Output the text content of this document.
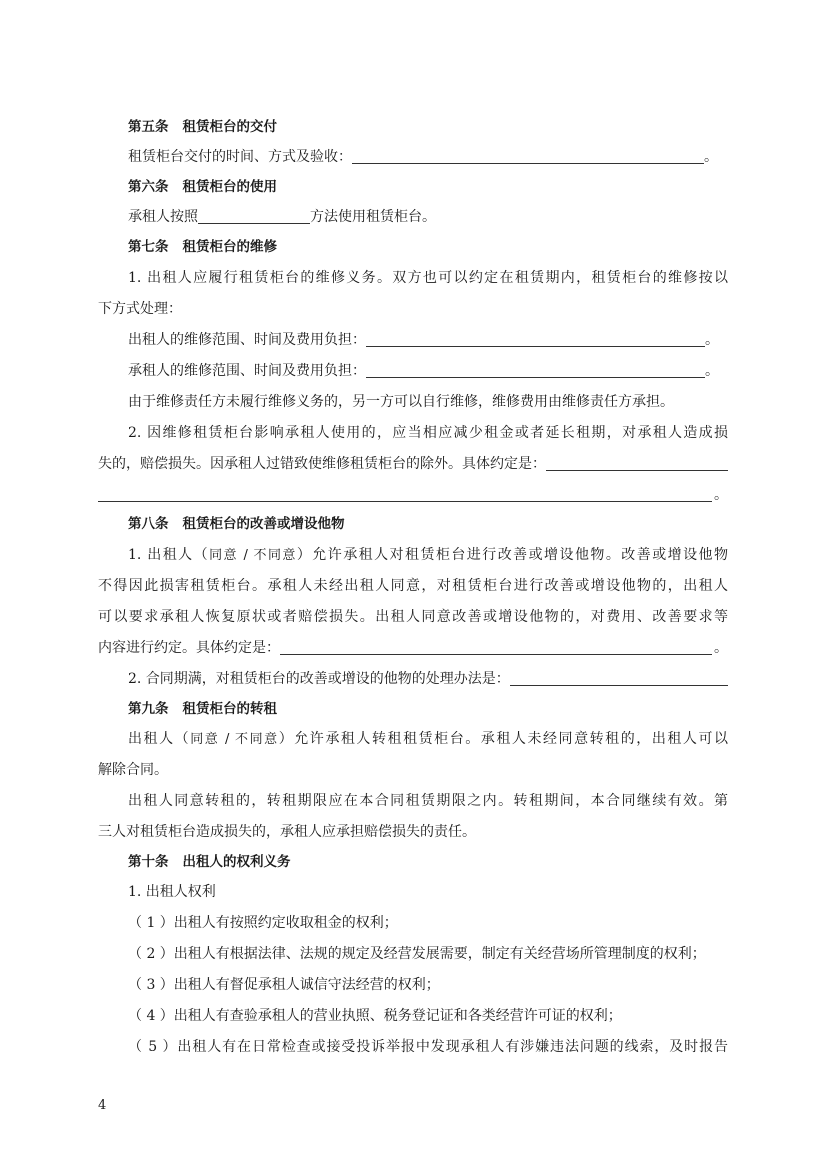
第五条 租赁柜台的交付
租赁柜台交付的时间、方式及验收：	。
第六条 租赁柜台的使用
承租人按照	方法使用租赁柜台。
第七条 租赁柜台的维修
1. 出租人应履行租赁柜台的维修义务。双方也可以约定在租赁期内，租赁柜台的维修按以
下方式处理：
出租人的维修范围、时间及费用负担：	。
承租人的维修范围、时间及费用负担：	。
由于维修责任方未履行维修义务的，另一方可以自行维修，维修费用由维修责任方承担。
2. 因维修租赁柜台影响承租人使用的，应当相应减少租金或者延长租期，对承租人造成损
失的，赔偿损失。因承租人过错致使维修租赁柜台的除外。具体约定是：
。
第八条 租赁柜台的改善或增设他物
1. 出租人（同意 / 不同意）允许承租人对租赁柜台进行改善或增设他物。改善或增设他物
不得因此损害租赁柜台。承租人未经出租人同意，对租赁柜台进行改善或增设他物的，出租人
可以要求承租人恢复原状或者赔偿损失。出租人同意改善或增设他物的，对费用、改善要求等
内容进行约定。具体约定是：	。
2. 合同期满，对租赁柜台的改善或增设的他物的处理办法是：
第九条 租赁柜台的转租
出租人（同意 / 不同意）允许承租人转租租赁柜台。承租人未经同意转租的，出租人可以
解除合同。
出租人同意转租的，转租期限应在本合同租赁期限之内。转租期间，本合同继续有效。第
三人对租赁柜台造成损失的，承租人应承担赔偿损失的责任。
第十条 出租人的权利义务
1. 出租人权利
（ 1 ）出租人有按照约定收取租金的权利；
（ 2 ）出租人有根据法律、法规的规定及经营发展需要，制定有关经营场所管理制度的权利；
（ 3 ）出租人有督促承租人诚信守法经营的权利；
（ 4 ）出租人有查验承租人的营业执照、税务登记证和各类经营许可证的权利；
（ 5 ）出租人有在日常检查或接受投诉举报中发现承租人有涉嫌违法问题的线索，及时报告
4
